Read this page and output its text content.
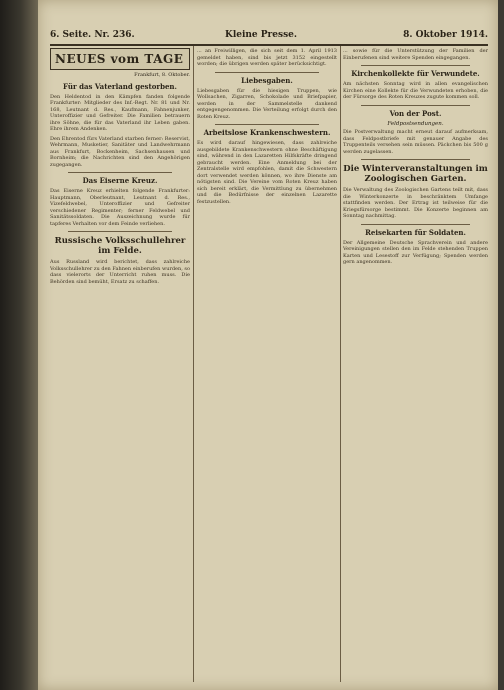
6. Seite. Nr. 236.	Kleine Presse.	8. Oktober 1914.
NEUES vom TAGE
Frankfurt, 8. Oktober.
Für das Vaterland gestorben.
Den Heldentod in den Kämpfen fanden folgende Frankfurter: Mitglieder des Inf.-Regt. Nr. 81 und Nr. 168, Leutnant d. Res., Kaufmann, Fahnenjunker, Unteroffizier und Gefreiter. Die Familien betrauern ihre Söhne, die für das Vaterland ihr Leben gaben. Ehre ihrem Andenken.
Den Ehrentod fürs Vaterland starben ferner: Reservist, Wehrmann, Musketier, Sanitäter und Landwehrmann aus Frankfurt, Bockenheim, Sachsenhausen und Bornheim; die Nachrichten sind den Angehörigen zugegangen.
Das Eiserne Kreuz.
Das Eiserne Kreuz erhielten folgende Frankfurter: Hauptmann, Oberleutnant, Leutnant d. Res., Vizefeldwebel, Unteroffizier und Gefreiter verschiedener Regimenter; ferner Feldwebel und Sanitätssoldaten. Die Auszeichnung wurde für tapferes Verhalten vor dem Feinde verliehen.
Russische Volksschullehrer im Felde.
Aus Russland wird berichtet, dass zahlreiche Volksschullehrer zu den Fahnen einberufen wurden, so dass vielerorts der Unterricht ruhen muss. Die Behörden sind bemüht, Ersatz zu schaffen.
... an Freiwilligen, die sich seit dem 1. April 1913 gemeldet haben, sind bis jetzt 3152 eingestellt worden; die übrigen werden später berücksichtigt.
Liebesgaben.
Liebesgaben für die hiesigen Truppen, wie Wollsachen, Zigarren, Schokolade und Briefpapier, werden in der Sammelstelle dankend entgegengenommen. Die Verteilung erfolgt durch den Roten Kreuz.
Arbeitslose Krankenschwestern.
Es wird darauf hingewiesen, dass zahlreiche ausgebildete Krankenschwestern ohne Beschäftigung sind, während in den Lazaretten Hilfskräfte dringend gebraucht werden. Eine Anmeldung bei der Zentralstelle wird empfohlen, damit die Schwestern dort verwendet werden können, wo ihre Dienste am nötigsten sind. Die Vereine vom Roten Kreuz haben sich bereit erklärt, die Vermittlung zu übernehmen und die Bedürfnisse der einzelnen Lazarette festzustellen.
... sowie für die Unterstützung der Familien der Einberufenen sind weitere Spenden eingegangen.
Kirchenkollekte für Verwundete.
Am nächsten Sonntag wird in allen evangelischen Kirchen eine Kollekte für die Verwundeten erhoben, die der Fürsorge des Roten Kreuzes zugute kommen soll.
Von der Post.
Feldpostsendungen.
Die Postverwaltung macht erneut darauf aufmerksam, dass Feldpostbriefe mit genauer Angabe des Truppenteils versehen sein müssen. Päckchen bis 500 g werden zugelassen.
Die Winterveranstaltungen im Zoologischen Garten.
Die Verwaltung des Zoologischen Gartens teilt mit, dass die Winterkonzerte in beschränktem Umfange stattfinden werden. Der Ertrag ist teilweise für die Kriegsfürsorge bestimmt. Die Konzerte beginnen am Sonntag nachmittag.
Reisekarten für Soldaten.
Der Allgemeine Deutsche Sprachverein und andere Vereinigungen stellen den im Felde stehenden Truppen Karten und Lesestoff zur Verfügung; Spenden werden gern angenommen.
